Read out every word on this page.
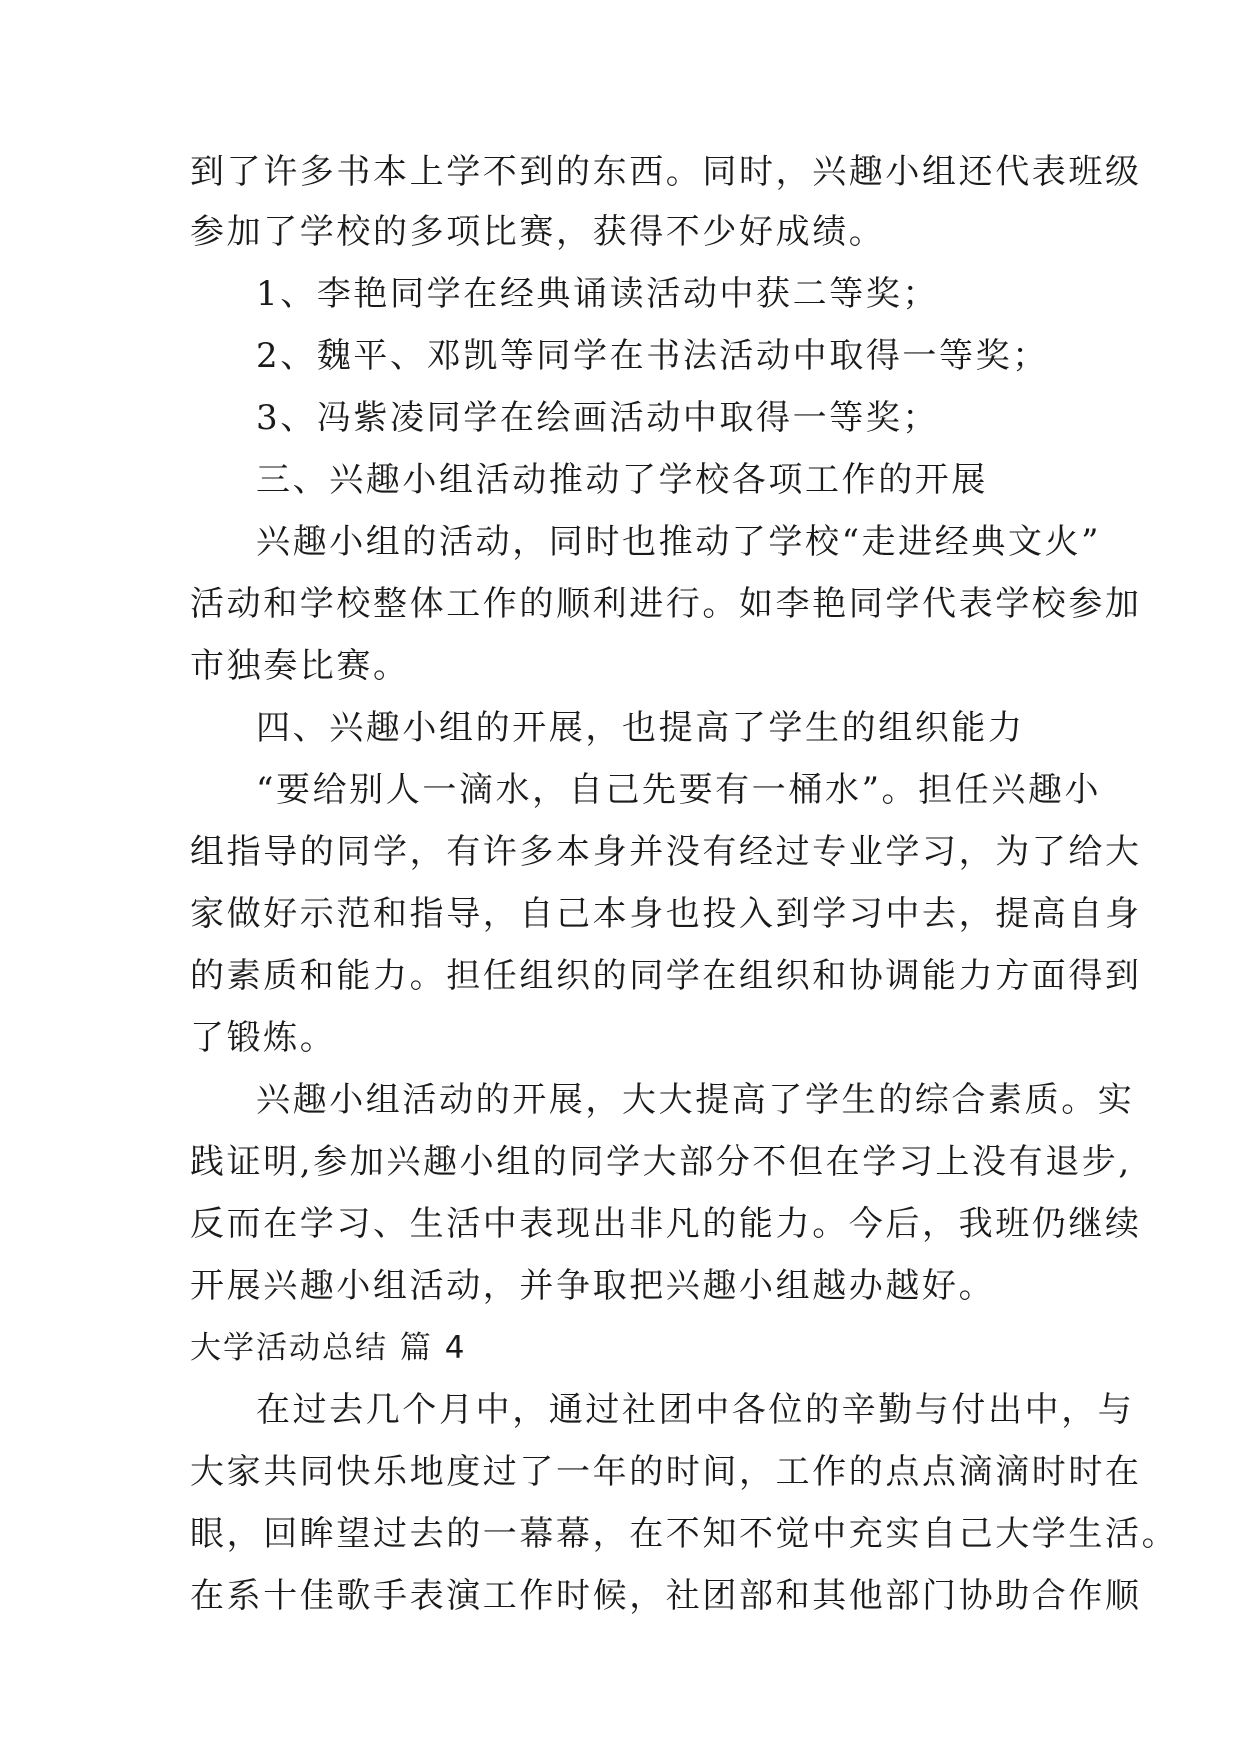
到了许多书本上学不到的东西。同时，兴趣小组还代表班级
参加了学校的多项比赛，获得不少好成绩。
1、李艳同学在经典诵读活动中获二等奖；
2、魏平、邓凯等同学在书法活动中取得一等奖；
3、冯紫凌同学在绘画活动中取得一等奖；
三、兴趣小组活动推动了学校各项工作的开展
兴趣小组的活动，同时也推动了学校“走进经典文火”
活动和学校整体工作的顺利进行。如李艳同学代表学校参加
市独奏比赛。
四、兴趣小组的开展，也提高了学生的组织能力
“要给别人一滴水，自己先要有一桶水”。担任兴趣小
组指导的同学，有许多本身并没有经过专业学习，为了给大
家做好示范和指导，自己本身也投入到学习中去，提高自身
的素质和能力。担任组织的同学在组织和协调能力方面得到
了锻炼。
兴趣小组活动的开展，大大提高了学生的综合素质。实
践证明,参加兴趣小组的同学大部分不但在学习上没有退步,
反而在学习、生活中表现出非凡的能力。今后，我班仍继续
开展兴趣小组活动，并争取把兴趣小组越办越好。
大学活动总结 篇 4
在过去几个月中，通过社团中各位的辛勤与付出中，与
大家共同快乐地度过了一年的时间，工作的点点滴滴时时在
眼，回眸望过去的一幕幕，在不知不觉中充实自己大学生活。
在系十佳歌手表演工作时候，社团部和其他部门协助合作顺
